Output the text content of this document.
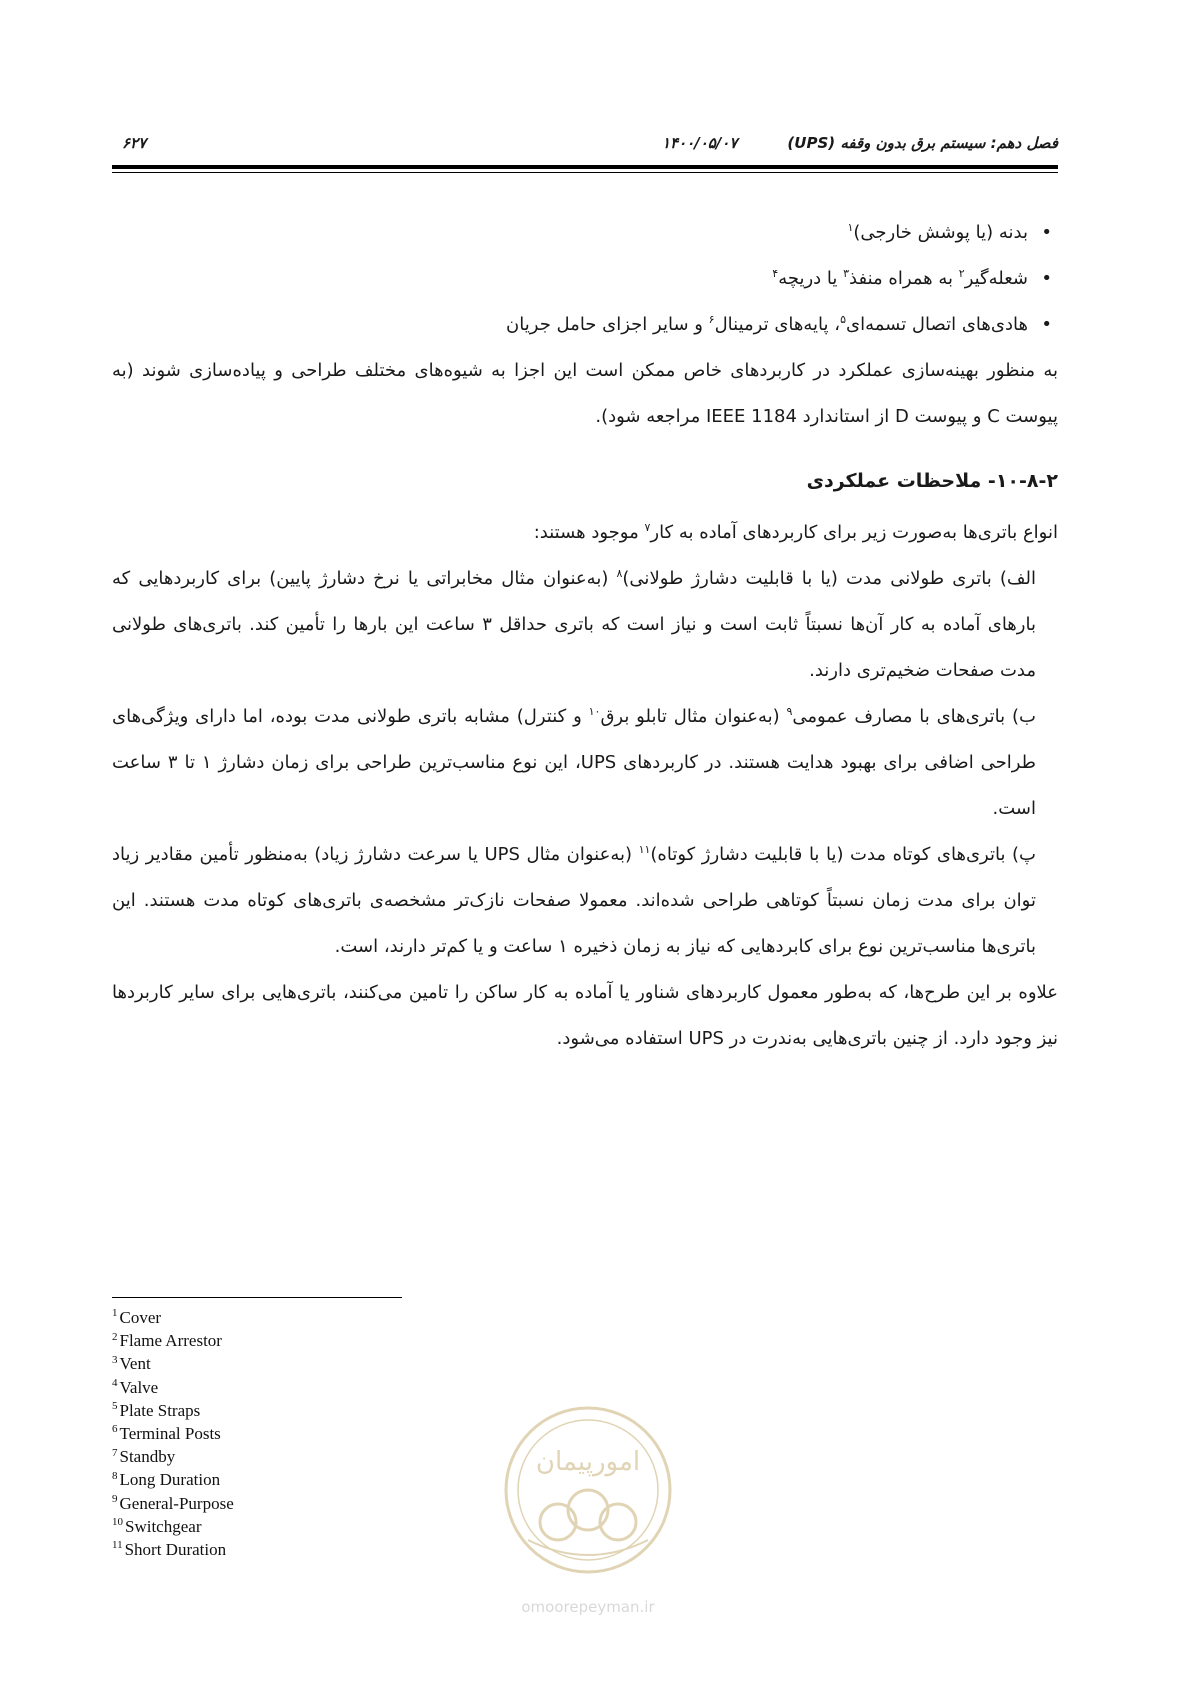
فصل دهم: سیستم برق بدون وقفه (UPS)
۱۴۰۰/۰۵/۰۷
۶۲۷
• بدنه (یا پوشش خارجی)$^۱$
• شعله‌گیر$^۲$ به همراه منفذ$^۳$ یا دریچه$^۴$
• هادی‌های اتصال تسمه‌ای$^۵$، پایه‌های ترمینال$^۶$ و سایر اجزای حامل جریان
به منظور بهینه‌سازی عملکرد در کاربردهای خاص ممکن است این اجزا به شیوه‌های مختلف طراحی و پیاده‌سازی شوند (به پیوست C و پیوست D از استاندارد IEEE 1184 مراجعه شود).
۱۰-۸-۲- ملاحظات عملکردی
انواع باتری‌ها به‌صورت زیر برای کاربردهای آماده به کار$^۷$ موجود هستند:
الف) باتری طولانی مدت (یا با قابلیت دشارژ طولانی)$^۸$ (به‌عنوان مثال مخابراتی یا نرخ دشارژ پایین) برای کاربردهایی که بارهای آماده به کار آن‌ها نسبتاً ثابت است و نیاز است که باتری حداقل ۳ ساعت این بارها را تأمین کند. باتری‌های طولانی مدت صفحات ضخیم‌تری دارند.
ب) باتری‌های با مصارف عمومی$^۹$ (به‌عنوان مثال تابلو برق$^{۱۰}$ و کنترل) مشابه باتری طولانی مدت بوده، اما دارای ویژگی‌های طراحی اضافی برای بهبود هدایت هستند. در کاربردهای UPS، این نوع مناسب‌ترین طراحی برای زمان دشارژ ۱ تا ۳ ساعت است.
پ) باتری‌های کوتاه مدت (یا با قابلیت دشارژ کوتاه)$^{۱۱}$ (به‌عنوان مثال UPS یا سرعت دشارژ زیاد) به‌منظور تأمین مقادیر زیاد توان برای مدت زمان نسبتاً کوتاهی طراحی شده‌اند. معمولا صفحات نازک‌تر مشخصه‌ی باتری‌های کوتاه مدت هستند. این باتری‌ها مناسب‌ترین نوع برای کابردهایی که نیاز به زمان ذخیره ۱ ساعت و یا کم‌تر دارند، است.
علاوه بر این طرح‌ها، که به‌طور معمول کاربردهای شناور یا آماده به کار ساکن را تامین می‌کنند، باتری‌هایی برای سایر کاربردها نیز وجود دارد. از چنین باتری‌هایی به‌ندرت در UPS استفاده می‌شود.
$^1$ Cover
$^2$ Flame Arrestor
$^3$ Vent
$^4$ Valve
$^5$ Plate Straps
$^6$ Terminal Posts
$^7$ Standby
$^8$ Long Duration
$^9$ General-Purpose
$^{10}$ Switchgear
$^{11}$ Short Duration
امورپیمان
omoorepeyman.ir
